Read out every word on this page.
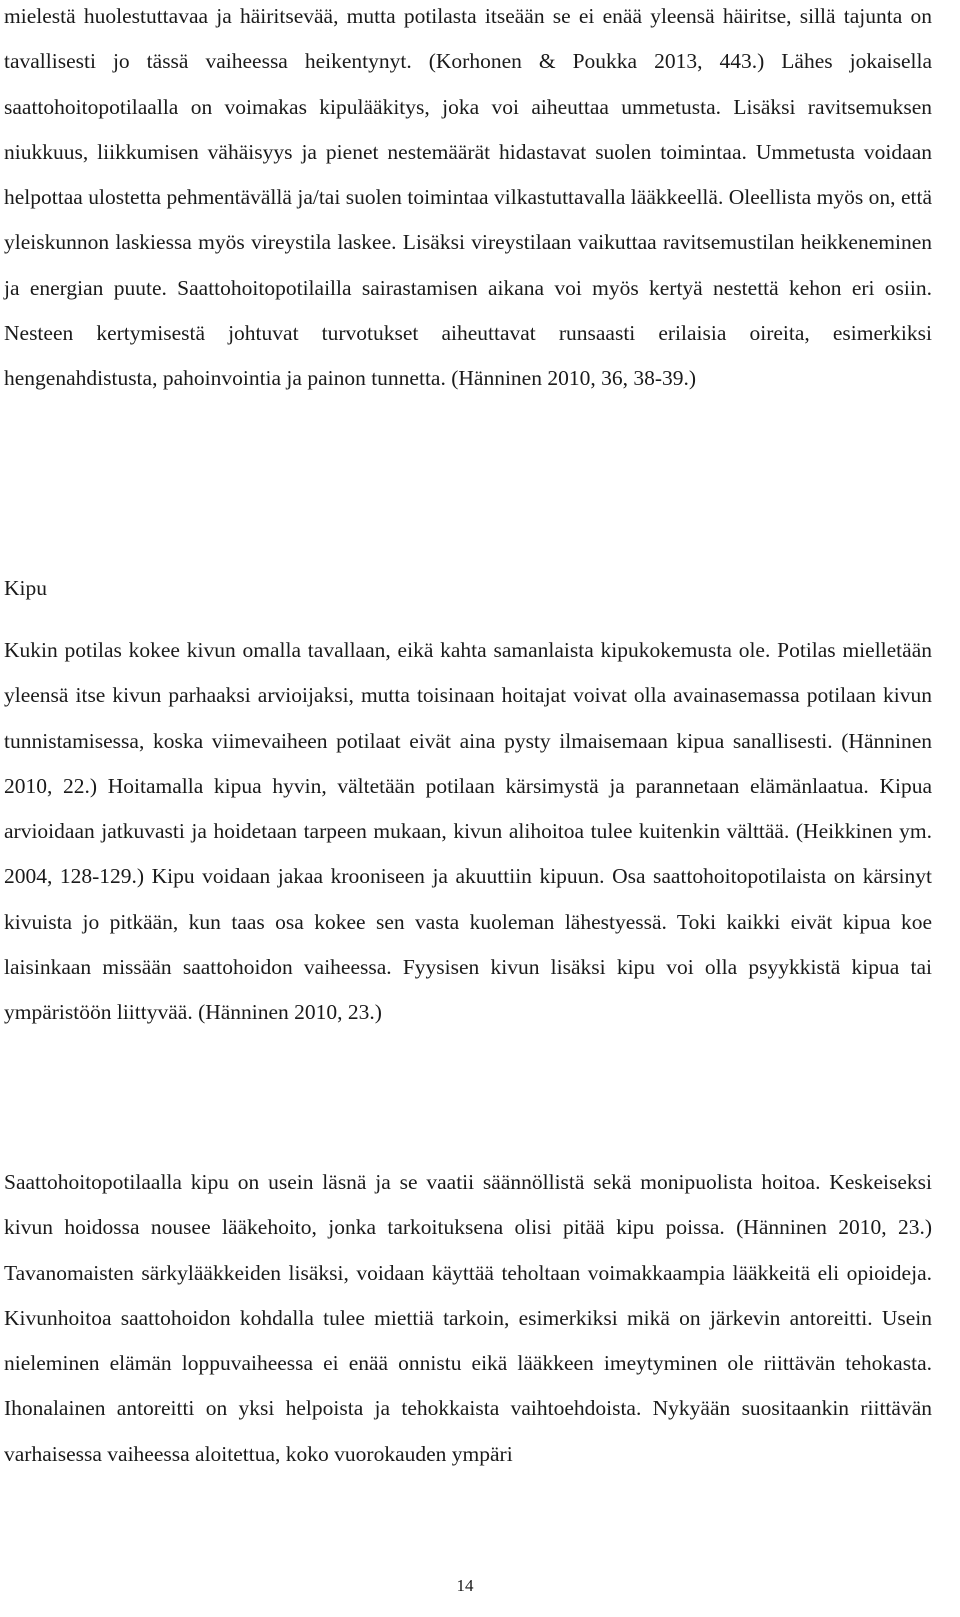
mielestä huolestuttavaa ja häiritsevää, mutta potilasta itseään se ei enää yleensä häiritse, sillä tajunta on tavallisesti jo tässä vaiheessa heikentynyt. (Korhonen & Poukka 2013, 443.) Lähes jokaisella saattohoitopotilaalla on voimakas kipulääkitys, joka voi aiheuttaa ummetusta. Lisäksi ravitsemuksen niukkuus, liikkumisen vähäisyys ja pienet nestemäärät hidastavat suolen toimintaa. Ummetusta voidaan helpottaa ulostetta pehmentävällä ja/tai suolen toimintaa vilkastuttavalla lääkkeellä. Oleellista myös on, että yleiskunnon laskiessa myös vireystila laskee. Lisäksi vireystilaan vaikuttaa ravitsemustilan heikkeneminen ja energian puute. Saattohoitopotilailla sairastamisen aikana voi myös kertyä nestettä kehon eri osiin. Nesteen kertymisestä johtuvat turvotukset aiheuttavat runsaasti erilaisia oireita, esimerkiksi hengenahdistusta, pahoinvointia ja painon tunnetta. (Hänninen 2010, 36, 38-39.)

Kipu

Kukin potilas kokee kivun omalla tavallaan, eikä kahta samanlaista kipukokemusta ole. Potilas mielletään yleensä itse kivun parhaaksi arvioijaksi, mutta toisinaan hoitajat voivat olla avainasemassa potilaan kivun tunnistamisessa, koska viimevaiheen potilaat eivät aina pysty ilmaisemaan kipua sanallisesti. (Hänninen 2010, 22.) Hoitamalla kipua hyvin, vältetään potilaan kärsimystä ja parannetaan elämänlaatua. Kipua arvioidaan jatkuvasti ja hoidetaan tarpeen mukaan, kivun alihoitoa tulee kuitenkin välttää. (Heikkinen ym. 2004, 128-129.) Kipu voidaan jakaa krooniseen ja akuuttiin kipuun. Osa saattohoitopotilaista on kärsinyt kivuista jo pitkään, kun taas osa kokee sen vasta kuoleman lähestyessä. Toki kaikki eivät kipua koe laisinkaan missään saattohoidon vaiheessa. Fyysisen kivun lisäksi kipu voi olla psyykkistä kipua tai ympäristöön liittyvää. (Hänninen 2010, 23.)

Saattohoitopotilaalla kipu on usein läsnä ja se vaatii säännöllistä sekä monipuolista hoitoa. Keskeiseksi kivun hoidossa nousee lääkehoito, jonka tarkoituksena olisi pitää kipu poissa. (Hänninen 2010, 23.) Tavanomaisten särkylääkkeiden lisäksi, voidaan käyttää teholtaan voimakkaampia lääkkeitä eli opioideja. Kivunhoitoa saattohoidon kohdalla tulee miettiä tarkoin, esimerkiksi mikä on järkevin antoreitti. Usein nieleminen elämän loppuvaiheessa ei enää onnistu eikä lääkkeen imeytyminen ole riittävän tehokasta. Ihonalainen antoreitti on yksi helpoista ja tehokkaista vaihtoehdoista. Nykyään suositaankin riittävän varhaisessa vaiheessa aloitettua, koko vuorokauden ympäri

14
